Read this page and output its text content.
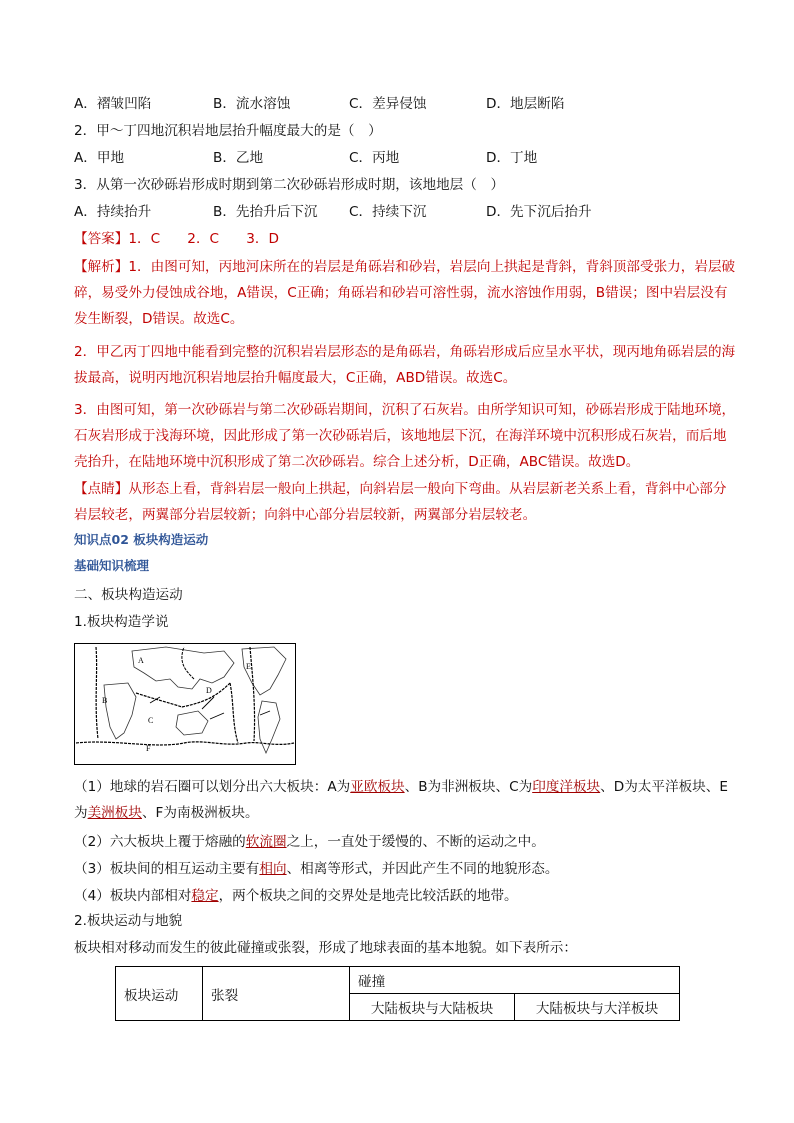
A．褶皱凹陷	B．流水溶蚀	C．差异侵蚀	D．地层断陷
2．甲～丁四地沉积岩地层抬升幅度最大的是（　）
A．甲地	B．乙地	C．丙地	D．丁地
3．从第一次砂砾岩形成时期到第二次砂砾岩形成时期，该地地层（　）
A．持续抬升	B．先抬升后下沉 C．持续下沉	D．先下沉后抬升
【答案】1．C　　2．C　　3．D
【解析】1．由图可知，丙地河床所在的岩层是角砾岩和砂岩，岩层向上拱起是背斜，背斜顶部受张力，岩层破碎，易受外力侵蚀成谷地，A错误，C正确；角砾岩和砂岩可溶性弱，流水溶蚀作用弱，B错误；图中岩层没有发生断裂，D错误。故选C。
2．甲乙丙丁四地中能看到完整的沉积岩岩层形态的是角砾岩，角砾岩形成后应呈水平状，现丙地角砾岩层的海拔最高，说明丙地沉积岩地层抬升幅度最大，C正确，ABD错误。故选C。
3．由图可知，第一次砂砾岩与第二次砂砾岩期间，沉积了石灰岩。由所学知识可知，砂砾岩形成于陆地环境，石灰岩形成于浅海环境，因此形成了第一次砂砾岩后，该地地层下沉，在海洋环境中沉积形成石灰岩，而后地壳抬升，在陆地环境中沉积形成了第二次砂砾岩。综合上述分析，D正确，ABC错误。故选D。
【点睛】从形态上看，背斜岩层一般向上拱起，向斜岩层一般向下弯曲。从岩层新老关系上看，背斜中心部分岩层较老，两翼部分岩层较新；向斜中心部分岩层较新，两翼部分岩层较老。
知识点02 板块构造运动
基础知识梳理
二、板块构造运动
1.板块构造学说
A
B
C
D
E
F
（1）地球的岩石圈可以划分出六大板块：A为亚欧板块、B为非洲板块、C为印度洋板块、D为太平洋板块、E为美洲板块、F为南极洲板块。
（2）六大板块上覆于熔融的软流圈之上，一直处于缓慢的、不断的运动之中。
（3）板块间的相互运动主要有相向、相离等形式，并因此产生不同的地貌形态。
（4）板块内部相对稳定，两个板块之间的交界处是地壳比较活跃的地带。
2.板块运动与地貌
板块相对移动而发生的彼此碰撞或张裂，形成了地球表面的基本地貌。如下表所示：
板块运动	张裂	碰撞	
		大陆板块与大陆板块	大陆板块与大洋板块
